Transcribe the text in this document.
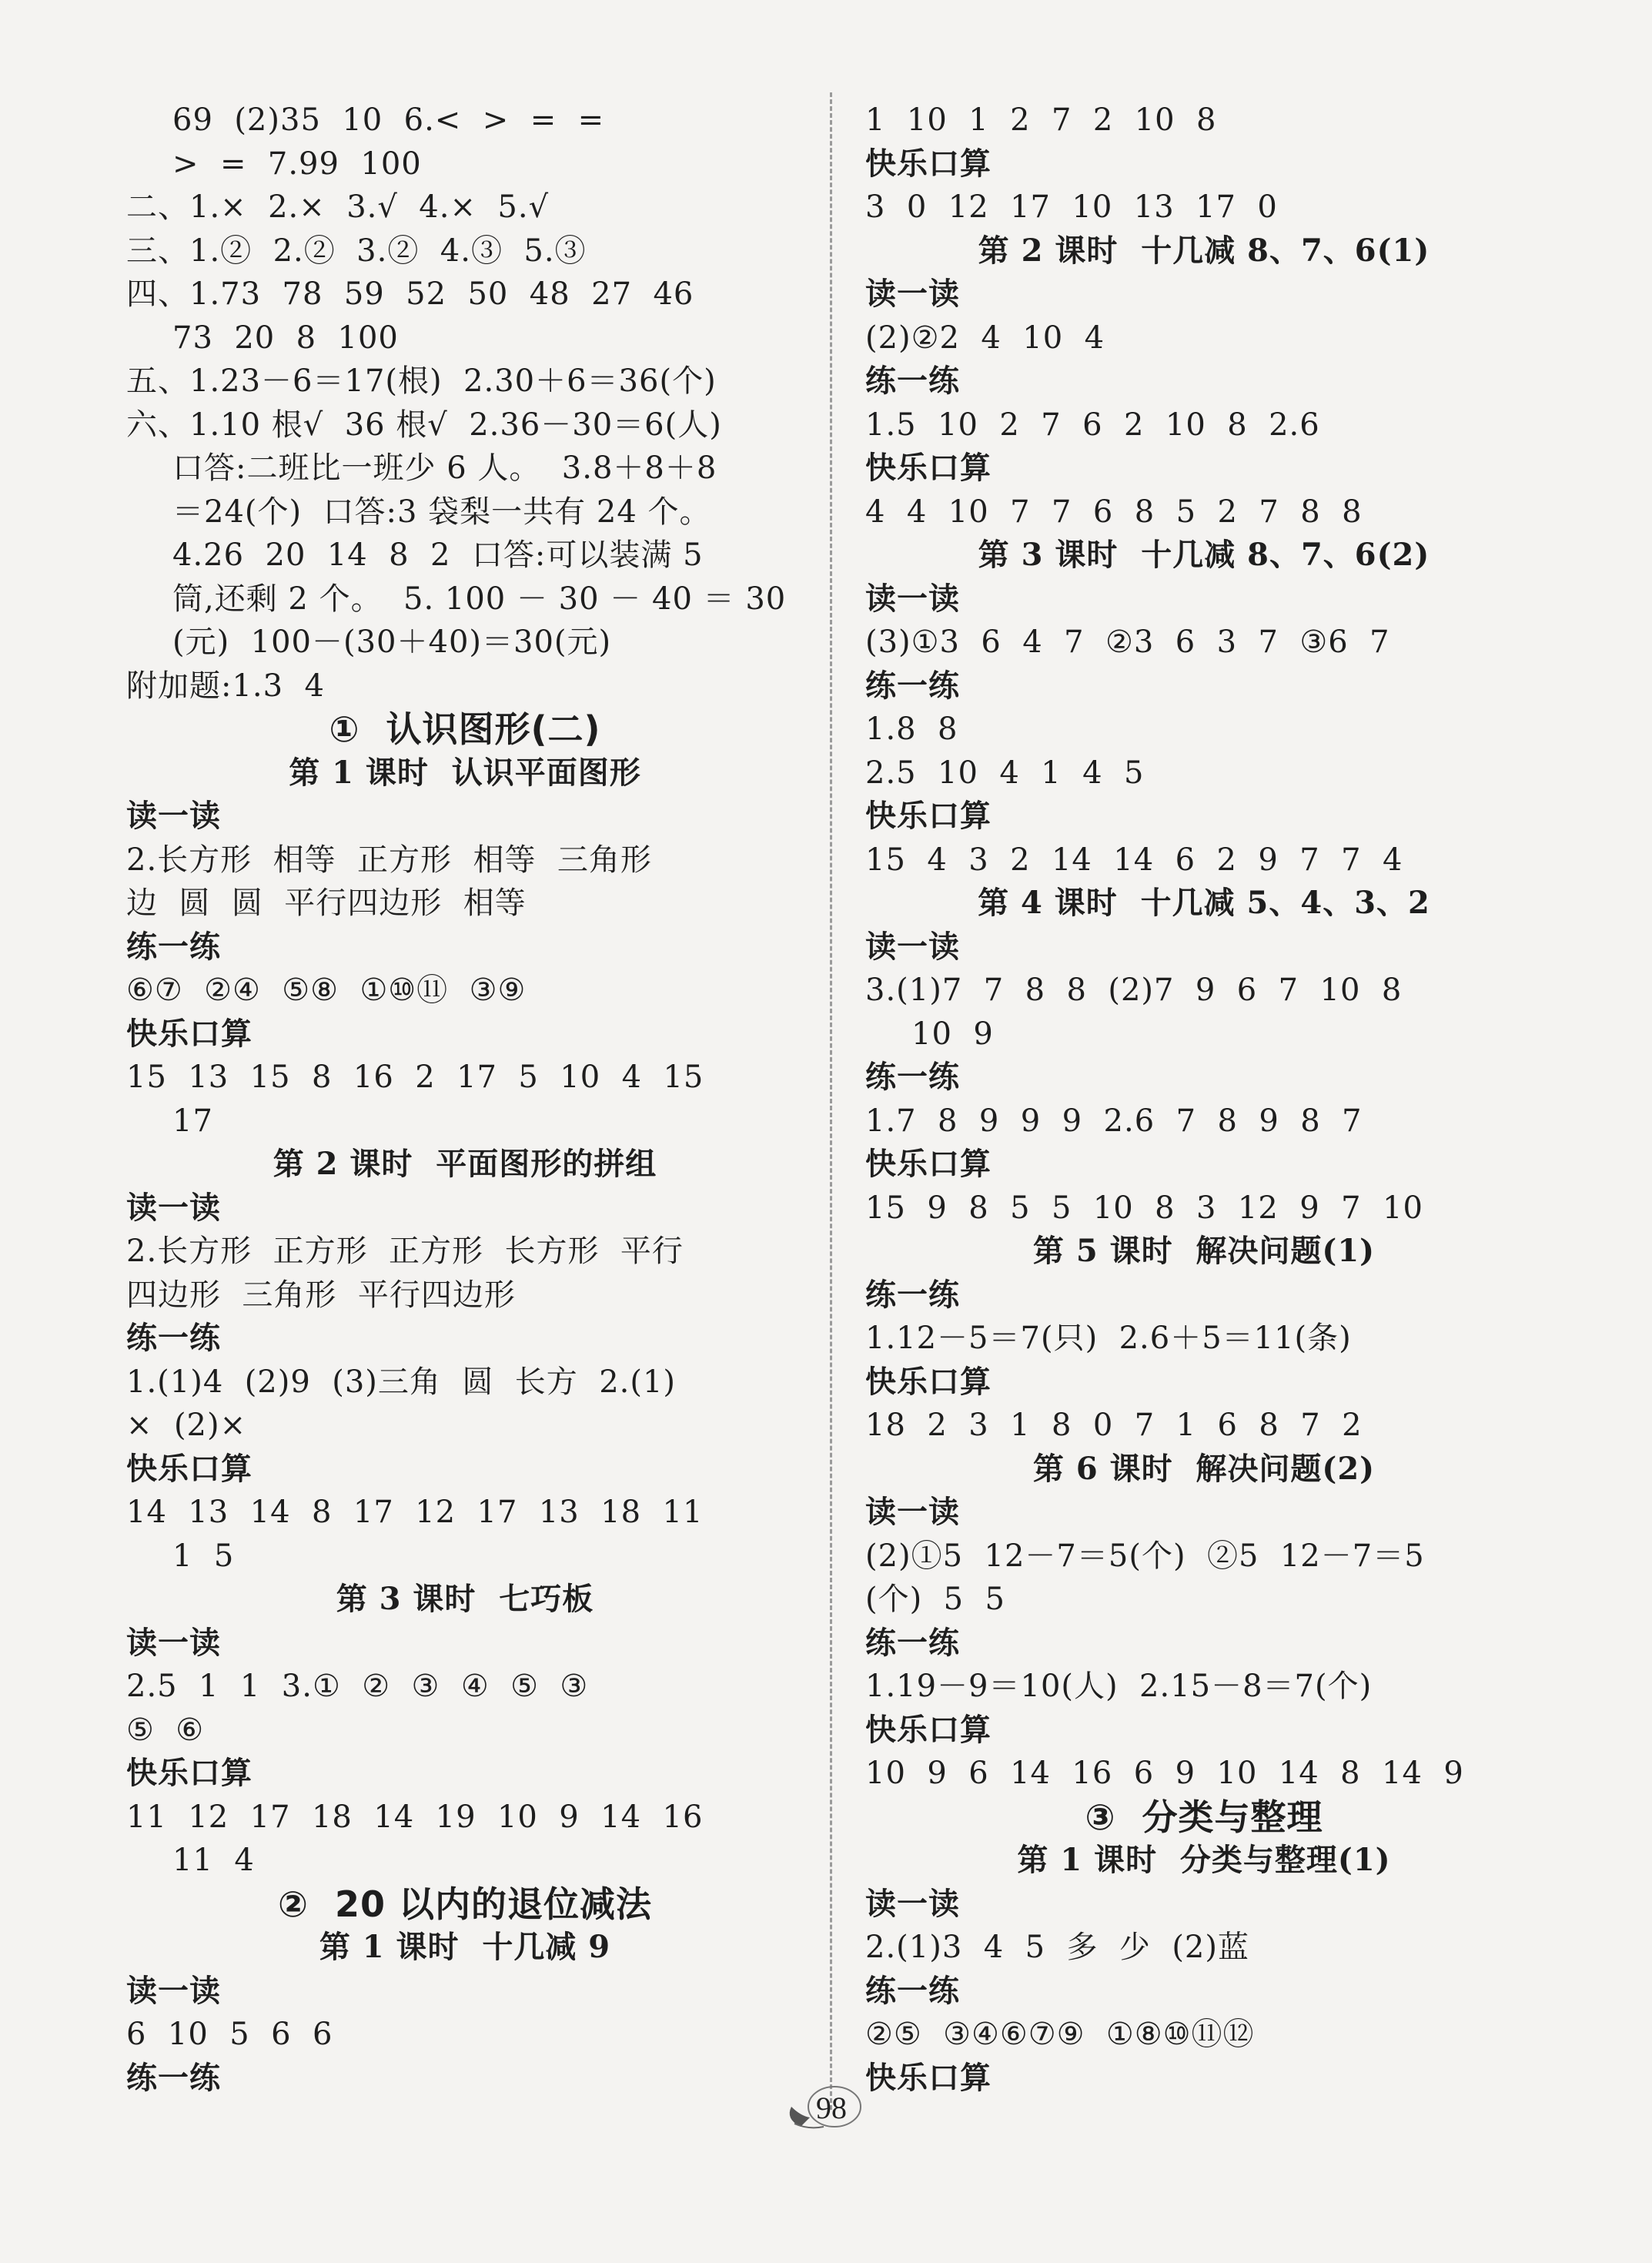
69  (2)35  10  6.<  >  =  =
>  =  7.99  100
二、1.×  2.×  3.√  4.×  5.√
三、1.②  2.②  3.②  4.③  5.③
四、1.73  78  59  52  50  48  27  46
73  20  8  100
五、1.23－6＝17(根)  2.30＋6＝36(个)
六、1.10 根√  36 根√  2.36－30＝6(人)
口答:二班比一班少 6 人。  3.8＋8＋8
＝24(个)  口答:3 袋梨一共有 24 个。
4.26  20  14  8  2  口答:可以装满 5
筒,还剩 2 个。  5. 100 － 30 － 40 ＝ 30
(元)  100－(30＋40)＝30(元)
附加题:1.3  4
①  认识图形(二)
第 1 课时  认识平面图形
读一读
2.长方形  相等  正方形  相等  三角形
边  圆  圆  平行四边形  相等
练一练
⑥⑦  ②④  ⑤⑧  ①⑩⑪  ③⑨
快乐口算
15  13  15  8  16  2  17  5  10  4  15
17
第 2 课时  平面图形的拼组
读一读
2.长方形  正方形  正方形  长方形  平行
四边形  三角形  平行四边形
练一练
1.(1)4  (2)9  (3)三角  圆  长方  2.(1)
×  (2)×
快乐口算
14  13  14  8  17  12  17  13  18  11
1  5
第 3 课时  七巧板
读一读
2.5  1  1  3.①  ②  ③  ④  ⑤  ③
⑤  ⑥
快乐口算
11  12  17  18  14  19  10  9  14  16
11  4
②  20 以内的退位减法
第 1 课时  十几减 9
读一读
6  10  5  6  6
练一练
1  10  1  2  7  2  10  8
快乐口算
3  0  12  17  10  13  17  0
第 2 课时  十几减 8、7、6(1)
读一读
(2)②2  4  10  4
练一练
1.5  10  2  7  6  2  10  8  2.6
快乐口算
4  4  10  7  7  6  8  5  2  7  8  8
第 3 课时  十几减 8、7、6(2)
读一读
(3)①3  6  4  7  ②3  6  3  7  ③6  7
练一练
1.8  8
2.5  10  4  1  4  5
快乐口算
15  4  3  2  14  14  6  2  9  7  7  4
第 4 课时  十几减 5、4、3、2
读一读
3.(1)7  7  8  8  (2)7  9  6  7  10  8
10  9
练一练
1.7  8  9  9  9  2.6  7  8  9  8  7
快乐口算
15  9  8  5  5  10  8  3  12  9  7  10
第 5 课时  解决问题(1)
练一练
1.12－5＝7(只)  2.6＋5＝11(条)
快乐口算
18  2  3  1  8  0  7  1  6  8  7  2
第 6 课时  解决问题(2)
读一读
(2)①5  12－7＝5(个)  ②5  12－7＝5
(个)  5  5
练一练
1.19－9＝10(人)  2.15－8＝7(个)
快乐口算
10  9  6  14  16  6  9  10  14  8  14  9
③  分类与整理
第 1 课时  分类与整理(1)
读一读
2.(1)3  4  5  多  少  (2)蓝
练一练
②⑤  ③④⑥⑦⑨  ①⑧⑩⑪⑫
快乐口算
98
